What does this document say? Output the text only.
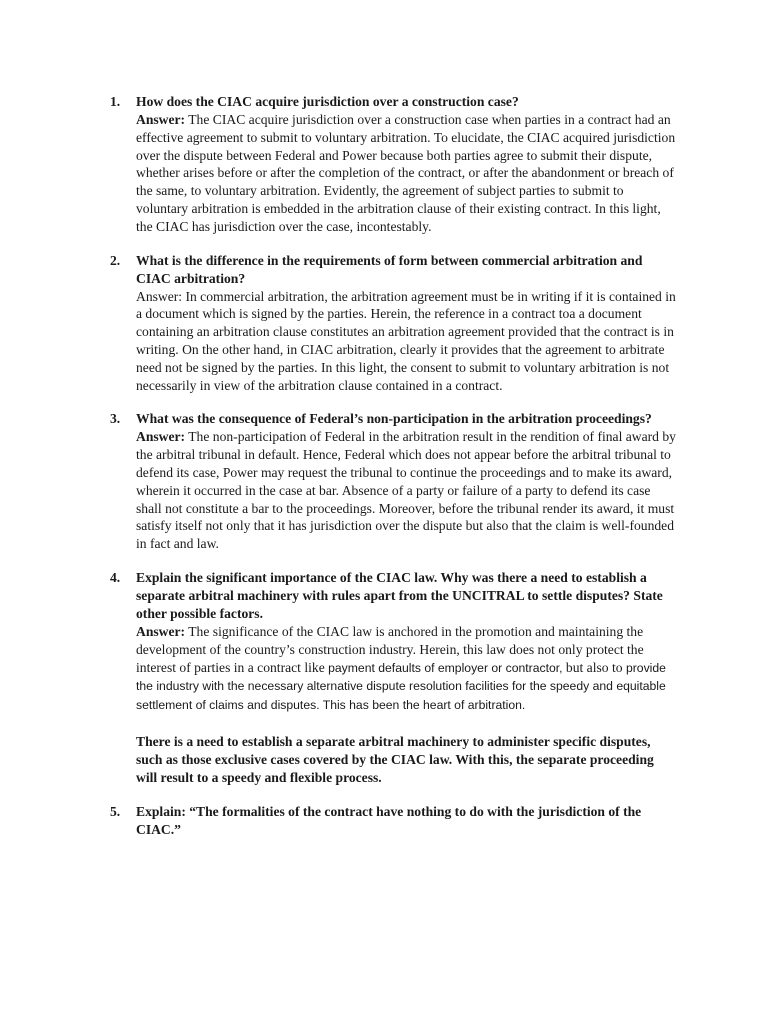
1. How does the CIAC acquire jurisdiction over a construction case?

Answer: The CIAC acquire jurisdiction over a construction case when parties in a contract had an effective agreement to submit to voluntary arbitration. To elucidate, the CIAC acquired jurisdiction over the dispute between Federal and Power because both parties agree to submit their dispute, whether arises before or after the completion of the contract, or after the abandonment or breach of the same, to voluntary arbitration. Evidently, the agreement of subject parties to submit to voluntary arbitration is embedded in the arbitration clause of their existing contract. In this light, the CIAC has jurisdiction over the case, incontestably.

2. What is the difference in the requirements of form between commercial arbitration and CIAC arbitration?

Answer: In commercial arbitration, the arbitration agreement must be in writing if it is contained in a document which is signed by the parties. Herein, the reference in a contract toa a document containing an arbitration clause constitutes an arbitration agreement provided that the contract is in writing. On the other hand, in CIAC arbitration, clearly it provides that the agreement to arbitrate need not be signed by the parties. In this light, the consent to submit to voluntary arbitration is not necessarily in view of the arbitration clause contained in a contract.

3. What was the consequence of Federal’s non-participation in the arbitration proceedings?

Answer: The non-participation of Federal in the arbitration result in the rendition of final award by the arbitral tribunal in default. Hence, Federal which does not appear before the arbitral tribunal to defend its case, Power may request the tribunal to continue the proceedings and to make its award, wherein it occurred in the case at bar. Absence of a party or failure of a party to defend its case shall not constitute a bar to the proceedings. Moreover, before the tribunal render its award, it must satisfy itself not only that it has jurisdiction over the dispute but also that the claim is well-founded in fact and law.

4. Explain the significant importance of the CIAC law. Why was there a need to establish a separate arbitral machinery with rules apart from the UNCITRAL to settle disputes? State other possible factors.

Answer: The significance of the CIAC law is anchored in the promotion and maintaining the development of the country’s construction industry. Herein, this law does not only protect the interest of parties in a contract like payment defaults of employer or contractor, but also to provide the industry with the necessary alternative dispute resolution facilities for the speedy and equitable settlement of claims and disputes. This has been the heart of arbitration.

There is a need to establish a separate arbitral machinery to administer specific disputes, such as those exclusive cases covered by the CIAC law. With this, the separate proceeding will result to a speedy and flexible process.

5. Explain: “The formalities of the contract have nothing to do with the jurisdiction of the CIAC.”
